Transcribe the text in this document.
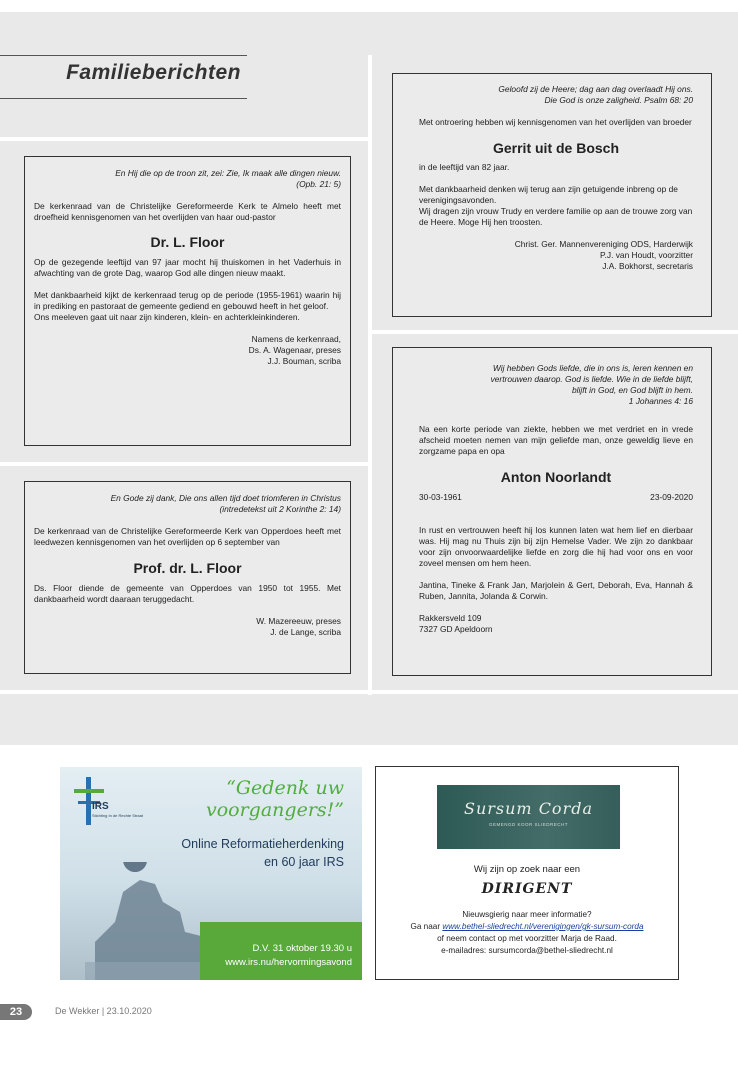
Familieberichten

En Hij die op de troon zit, zei: Zie, Ik maak alle dingen nieuw.

(Opb. 21: 5)

De kerkenraad van de Christelijke Gereformeerde Kerk te Almelo heeft met droefheid kennisgenomen van het overlijden van haar oud-pastor

Dr. L. Floor

Op de gezegende leeftijd van 97 jaar mocht hij thuiskomen in het Vaderhuis in afwachting van de grote Dag, waarop God alle dingen nieuw maakt.

Met dankbaarheid kijkt de kerkenraad terug op de periode (1955-1961) waarin hij in prediking en pastoraat de gemeente gediend en gebouwd heeft in het geloof.

Ons meeleven gaat uit naar zijn kinderen, klein- en achterkleinkinderen.

Namens de kerkenraad,

Ds. A. Wagenaar, preses

J.J. Bouman, scriba

En Gode zij dank, Die ons allen tijd doet triomferen in Christus

(intredetekst uit 2 Korinthe 2: 14)

De kerkenraad van de Christelijke Gereformeerde Kerk van Opperdoes heeft met leedwezen kennisgenomen van het overlijden op 6 september van

Prof. dr. L. Floor

Ds. Floor diende de gemeente van Opperdoes van 1950 tot 1955. Met dankbaarheid wordt daaraan teruggedacht.

W. Mazereeuw, preses

J. de Lange, scriba

Geloofd zij de Heere; dag aan dag overlaadt Hij ons.

Die God is onze zaligheid. Psalm 68: 20

Met ontroering hebben wij kennisgenomen van het overlijden van broeder

Gerrit uit de Bosch

in de leeftijd van 82 jaar.

Met dankbaarheid denken wij terug aan zijn getuigende inbreng op de verenigingsavonden.

Wij dragen zijn vrouw Trudy en verdere familie op aan de trouwe zorg van de Heere. Moge Hij hen troosten.

Christ. Ger. Mannenvereniging ODS, Harderwijk

P.J. van Houdt, voorzitter

J.A. Bokhorst, secretaris

Wij hebben Gods liefde, die in ons is, leren kennen en

vertrouwen daarop. God is liefde. Wie in de liefde blijft,

blijft in God, en God blijft in hem.

1 Johannes 4: 16

Na een korte periode van ziekte, hebben we met verdriet en in vrede afscheid moeten nemen van mijn geliefde man, onze geweldig lieve en zorgzame papa en opa

Anton Noorlandt

30-03-1961	23-09-2020

In rust en vertrouwen heeft hij los kunnen laten wat hem lief en dierbaar was. Hij mag nu Thuis zijn bij zijn Hemelse Vader. We zijn zo dankbaar voor zijn onvoorwaardelijke liefde en zorg die hij had voor ons en voor zoveel mensen om hem heen.

Jantina, Tineke & Frank Jan, Marjolein & Gert, Deborah, Eva, Hannah & Ruben, Jannita, Jolanda & Corwin.

Rakkersveld 109

7327 GD Apeldoorn

IRS
Stichting In de Rechte Straat
“Gedenk uw
voorgangers!”
Online Reformatieherdenking
en 60 jaar IRS
D.V. 31 oktober 19.30 u
www.irs.nu/hervormingsavond
Sursum Corda
GEMENGD KOOR SLIEDRECHT
Wij zijn op zoek naar een
DIRIGENT
Nieuwsgierig naar meer informatie?
Ga naar www.bethel-sliedrecht.nl/verenigingen/gk-sursum-corda
of neem contact op met voorzitter Marja de Raad.
e-mailadres: sursumcorda@bethel-sliedrecht.nl
23	De Wekker | 23.10.2020
